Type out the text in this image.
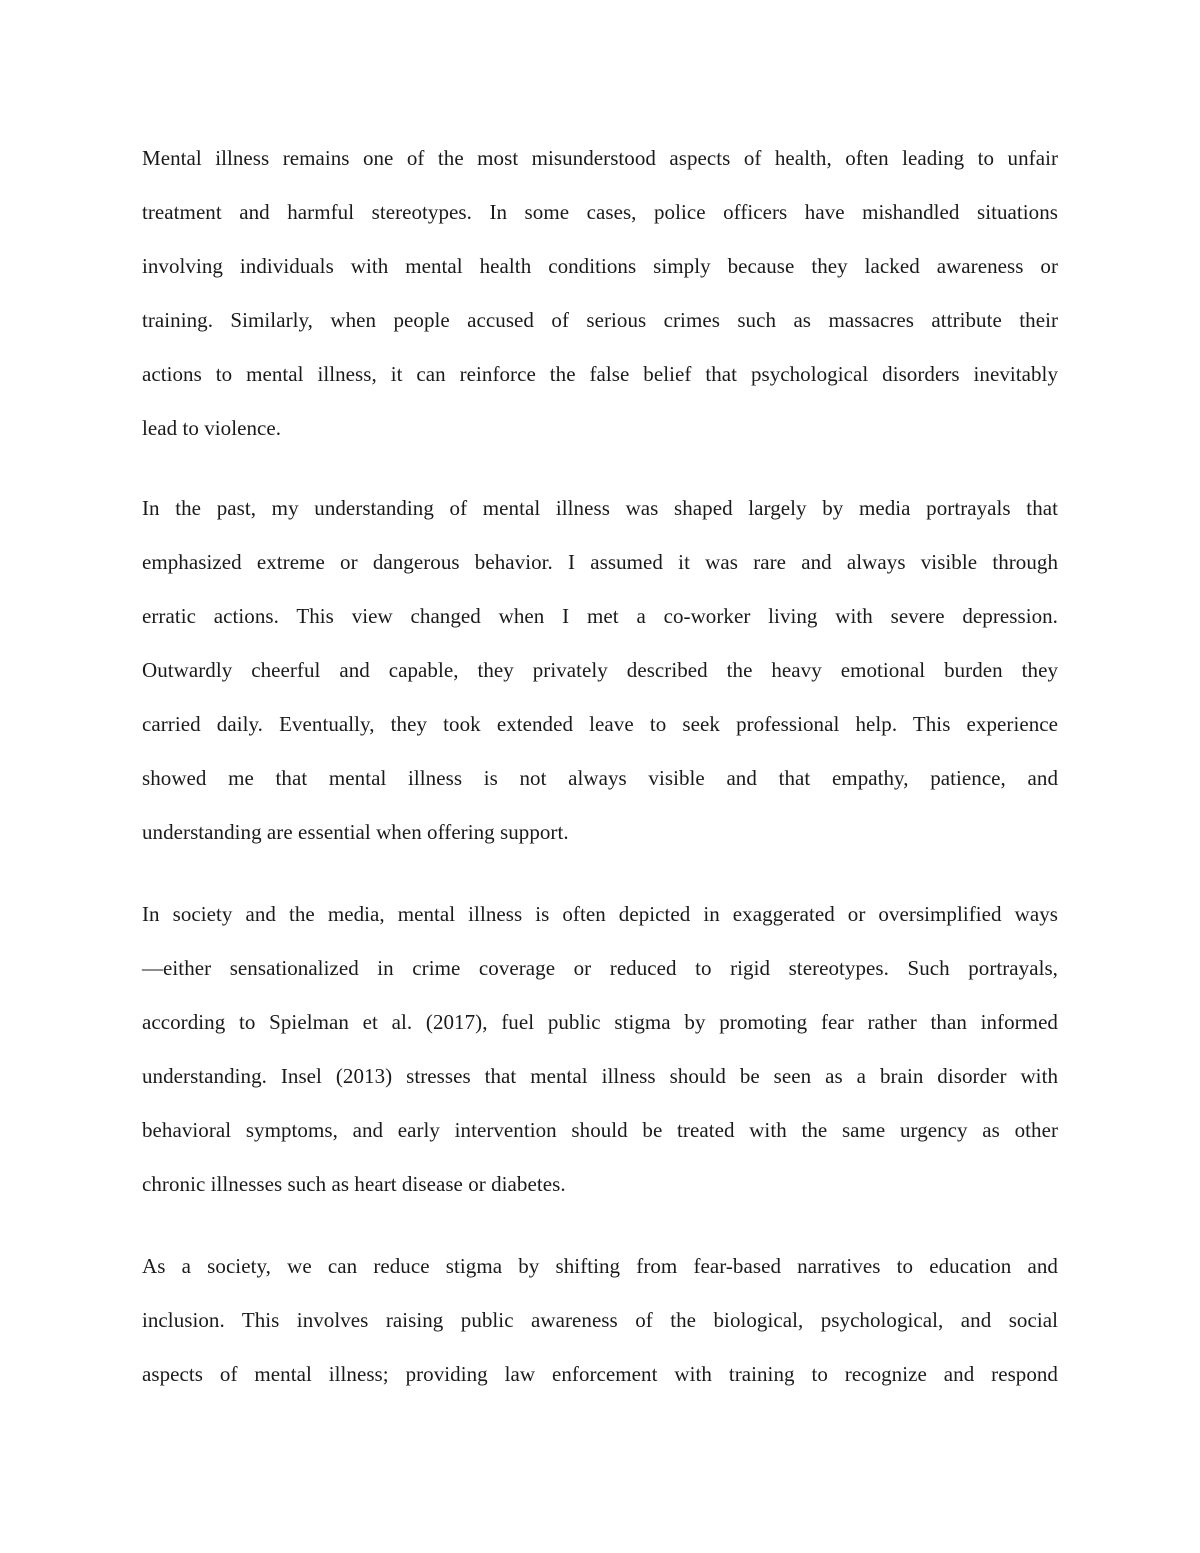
Mental illness remains one of the most misunderstood aspects of health, often leading to unfair
treatment and harmful stereotypes. In some cases, police officers have mishandled situations
involving individuals with mental health conditions simply because they lacked awareness or
training. Similarly, when people accused of serious crimes such as massacres attribute their
actions to mental illness, it can reinforce the false belief that psychological disorders inevitably
lead to violence.
In the past, my understanding of mental illness was shaped largely by media portrayals that
emphasized extreme or dangerous behavior. I assumed it was rare and always visible through
erratic actions. This view changed when I met a co-worker living with severe depression.
Outwardly cheerful and capable, they privately described the heavy emotional burden they
carried daily. Eventually, they took extended leave to seek professional help. This experience
showed me that mental illness is not always visible and that empathy, patience, and
understanding are essential when offering support.
In society and the media, mental illness is often depicted in exaggerated or oversimplified ways
—either sensationalized in crime coverage or reduced to rigid stereotypes. Such portrayals,
according to Spielman et al. (2017), fuel public stigma by promoting fear rather than informed
understanding. Insel (2013) stresses that mental illness should be seen as a brain disorder with
behavioral symptoms, and early intervention should be treated with the same urgency as other
chronic illnesses such as heart disease or diabetes.
As a society, we can reduce stigma by shifting from fear-based narratives to education and
inclusion. This involves raising public awareness of the biological, psychological, and social
aspects of mental illness; providing law enforcement with training to recognize and respond
